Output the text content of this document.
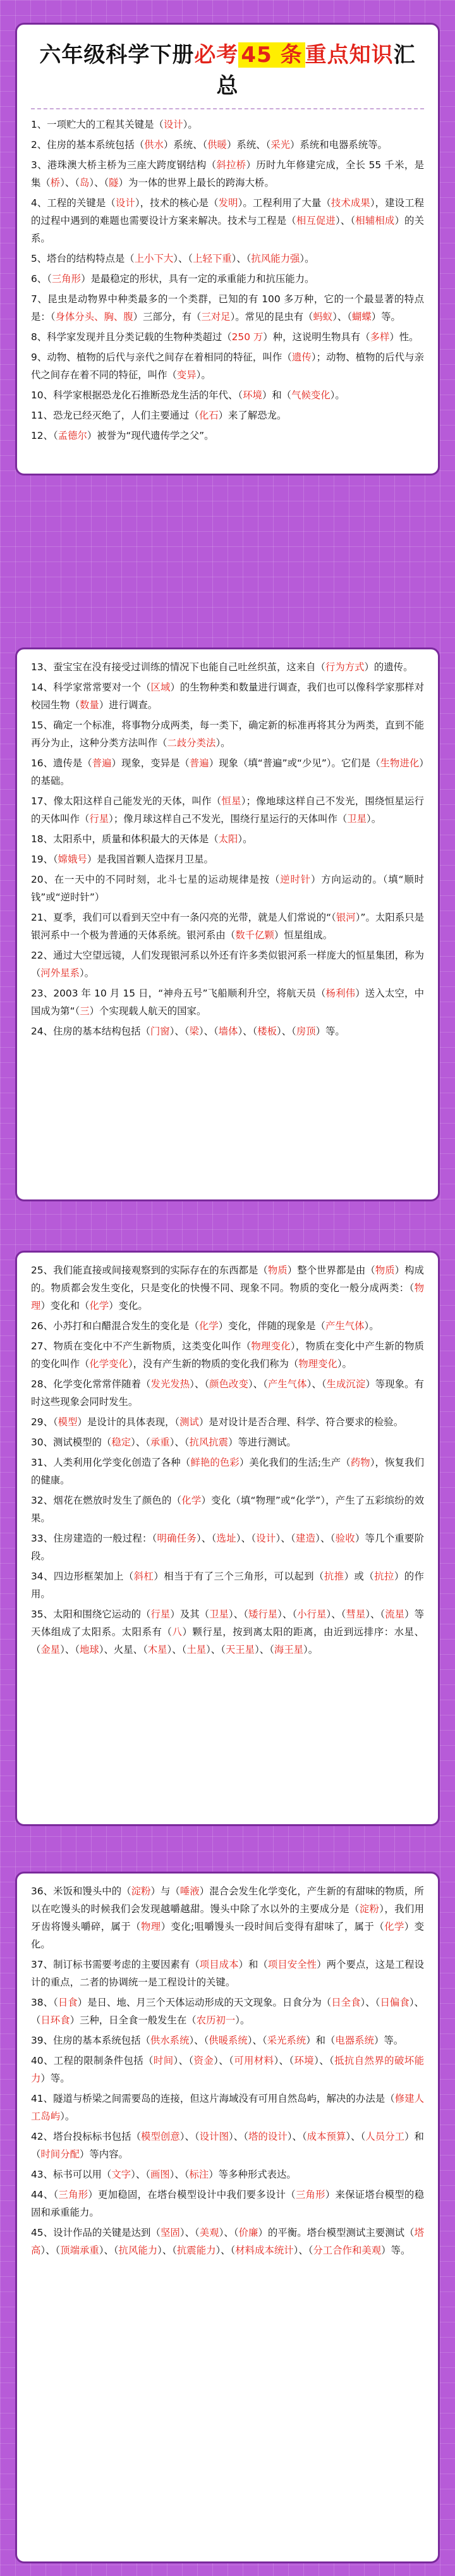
六年级科学下册必考 45 条 重点知识汇总

1、一项贮大的工程其关键是（设计）。

2、住房的基本系统包括（供水）系统、（供暖）系统、（采光）系统和电器系统等。

3、港珠澳大桥主桥为三座大跨度钢结构（斜拉桥）历时九年修建完成，全长 55 千米，是集（桥）、（岛）、（隧）为一体的世界上最长的跨海大桥。

4、工程的关键是（设计），技术的核心是（发明）。工程利用了大量（技术成果），建设工程的过程中遇到的难题也需要设计方案来解决。技术与工程是（相互促进）、（相辅相成）的关系。

5、塔台的结构特点是（上小下大）、（上轻下重）、（抗风能力强）。

6、（三角形）是最稳定的形状，具有一定的承重能力和抗压能力。

7、昆虫是动物界中种类最多的一个类群，已知的有 100 多万种，它的一个最显著的特点是：（身体分头、胸、腹）三部分，有（三对足）。常见的昆虫有（蚂蚁）、（蝴蝶）等。

8、科学家发现并且分类记载的生物种类超过（250 万）种，这说明生物具有（多样）性。

9、动物、植物的后代与亲代之间存在着相同的特征，叫作（遗传）；动物、植物的后代与亲代之间存在着不同的特征，叫作（变异）。

10、科学家根据恐龙化石推断恐龙生活的年代、（环境）和（气候变化）。

11、恐龙已经灭绝了，人们主要通过（化石）来了解恐龙。

12、（孟德尔）被誉为“现代遗传学之父”。

13、蚕宝宝在没有接受过训练的情况下也能自己吐丝织茧，这来自（行为方式）的遗传。

14、科学家常常要对一个（区域）的生物种类和数量进行调查，我们也可以像科学家那样对校园生物（数量）进行调查。

15、确定一个标准，将事物分成两类，每一类下，确定新的标准再将其分为两类，直到不能再分为止，这种分类方法叫作（二歧分类法）。

16、遗传是（普遍）现象，变异是（普遍）现象（填“普遍”或“少见”）。它们是（生物进化）的基础。

17、像太阳这样自己能发光的天体，叫作（恒星）；像地球这样自己不发光，围绕恒星运行的天体叫作（行星）；像月球这样自己不发光，围绕行星运行的天体叫作（卫星）。

18、太阳系中，质量和体积最大的天体是（太阳）。

19、（嫦娥号）是我国首颗人造探月卫星。

20、在一天中的不同时刻，北斗七星的运动规律是按（逆时针）方向运动的。（填“顺时钱”或“逆时针”）

21、夏季，我们可以看到天空中有一条闪亮的光带，就是人们常说的“（银河）”。太阳系只是银河系中一个极为普通的天体系统。银河系由（数千亿颗）恒星组成。

22、通过大空望远镜，人们发现银河系以外还有许多类似银河系一样庞大的恒星集团，称为（河外星系）。

23、2003 年 10 月 15 日，“神舟五号”飞船顺利升空，将航天员（杨利伟）送入太空，中国成为第“（三）个实现载人航天的国家。

24、住房的基本结构包括（门窗）、（梁）、（墙体）、（楼板）、（房顶）等。

25、我们能直接或间接观察到的实际存在的东西都是（物质）整个世界都是由（物质）构成的。物质都会发生变化，只是变化的快慢不同、现象不同。物质的变化一般分成两类：（物理）变化和（化学）变化。

26、小苏打和白醋混合发生的变化是（化学）变化，伴随的现象是（产生气体）。

27、物质在变化中不产生新物质，这类变化叫作（物理变化），物质在变化中产生新的物质的变化叫作（化学变化），没有产生新的物质的变化我们称为（物理变化）。

28、化学变化常常伴随着（发光发热）、（颜色改变）、（产生气体）、（生成沉淀）等现象。有时这些现象会同时发生。

29、（模型）是设计的具体表现，（测试）是对设计是否合理、科学、符合要求的检验。

30、测试模型的（稳定）、（承重）、（抗风抗震）等进行测试。

31、人类利用化学变化创造了各种（鲜艳的色彩）美化我们的生活;生产（药物），恢复我们的健康。

32、烟花在燃放时发生了颜色的（化学）变化（填“物理”或“化学”），产生了五彩缤纷的效果。

33、住房建造的一般过程：（明确任务）、（选址）、（设计）、（建造）、（验收）等几个重要阶段。

34、四边形框架加上（斜杠）相当于有了三个三角形，可以起到（抗推）或（抗拉）的作用。

35、太阳和围绕它运动的（行星）及其（卫星）、（矮行星）、（小行星）、（彗星）、（流星）等天体组成了太阳系。太阳系有（八）颗行星，按到离太阳的距离，由近到远排序：水星、（金星）、（地球）、火星、（木星）、（土星）、（天王星）、（海王星）。

36、米饭和馒头中的（淀粉）与（唾液）混合会发生化学变化，产生新的有甜味的物质，所以在吃馒头的时候我们会发现越嚼越甜。馒头中除了水以外的主要成分是（淀粉），我们用牙齿将馒头嚼碎，属于（物理）变化;咀嚼馒头一段时间后变得有甜味了，属于（化学）变化。

37、制订标书需要考虑的主要因素有（项目成本）和（项目安全性）两个要点，这是工程设计的重点，二者的协调统一是工程设计的关键。

38、（日食）是日、地、月三个天体运动形成的天文现象。日食分为（日全食）、（日偏食）、（日环食）三种，日全食一般发生在（农历初一）。

39、住房的基本系统包括（供水系统）、（供暖系统）、（采光系统）和（电器系统）等。

40、工程的限制条件包括（时间）、（资金）、（可用材料）、（环境）、（抵抗自然界的破坏能力）等。

41、隧道与桥梁之间需要岛的连接，但这片海域没有可用自然岛屿，解决的办法是（修建人工岛屿）。

42、塔台投标标书包括（模型创意）、（设计图）、（塔的设计）、（成本预算）、（人员分工）和（时间分配）等内容。

43、标书可以用（文字）、（画图）、（标注）等多种形式表达。

44、（三角形）更加稳固，在塔台模型设计中我们要多设计（三角形）来保证塔台模型的稳固和承重能力。

45、设计作品的关键是达到（坚固）、（美观）、（价廉）的平衡。塔台模型测试主要测试（塔高）、（顶端承重）、（抗风能力）、（抗震能力）、（材料成本统计）、（分工合作和美观）等。
